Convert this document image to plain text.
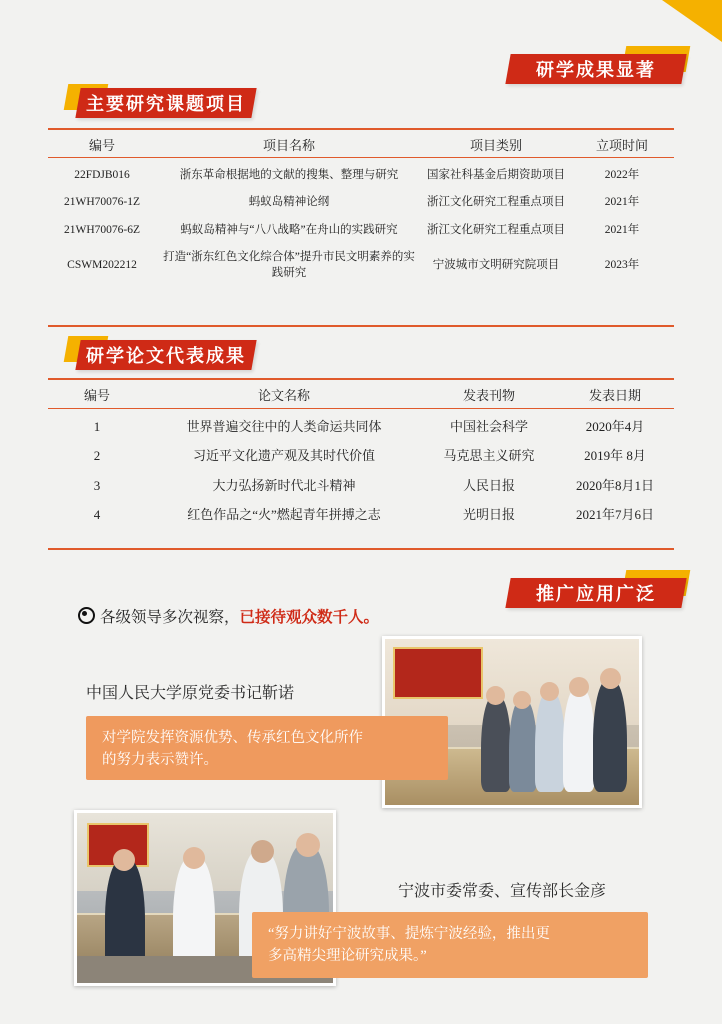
研学成果显著
主要研究课题项目
编号	项目名称	项目类别	立项时间
22FDJB016	浙东革命根据地的文献的搜集、整理与研究	国家社科基金后期资助项目	2022年
21WH70076-1Z	蚂蚁岛精神论纲	浙江文化研究工程重点项目	2021年
21WH70076-6Z	蚂蚁岛精神与“八八战略”在舟山的实践研究	浙江文化研究工程重点项目	2021年
CSWM202212	打造“浙东红色文化综合体”提升市民文明素养的实践研究	宁波城市文明研究院项目	2023年
研学论文代表成果
编号	论文名称	发表刊物	发表日期
1	世界普遍交往中的人类命运共同体	中国社会科学	2020年4月
2	习近平文化遗产观及其时代价值	马克思主义研究	2019年 8月
3	大力弘扬新时代北斗精神	人民日报	2020年8月1日
4	红色作品之“火”燃起青年拼搏之志	光明日报	2021年7月6日
推广应用广泛
各级领导多次视察， 已接待观众数千人。
中国人民大学原党委书记靳诺
对学院发挥资源优势、传承红色文化所作
的努力表示赞许。
宁波市委常委、宣传部长金彦
“努力讲好宁波故事、提炼宁波经验，推出更
多高精尖理论研究成果。”
